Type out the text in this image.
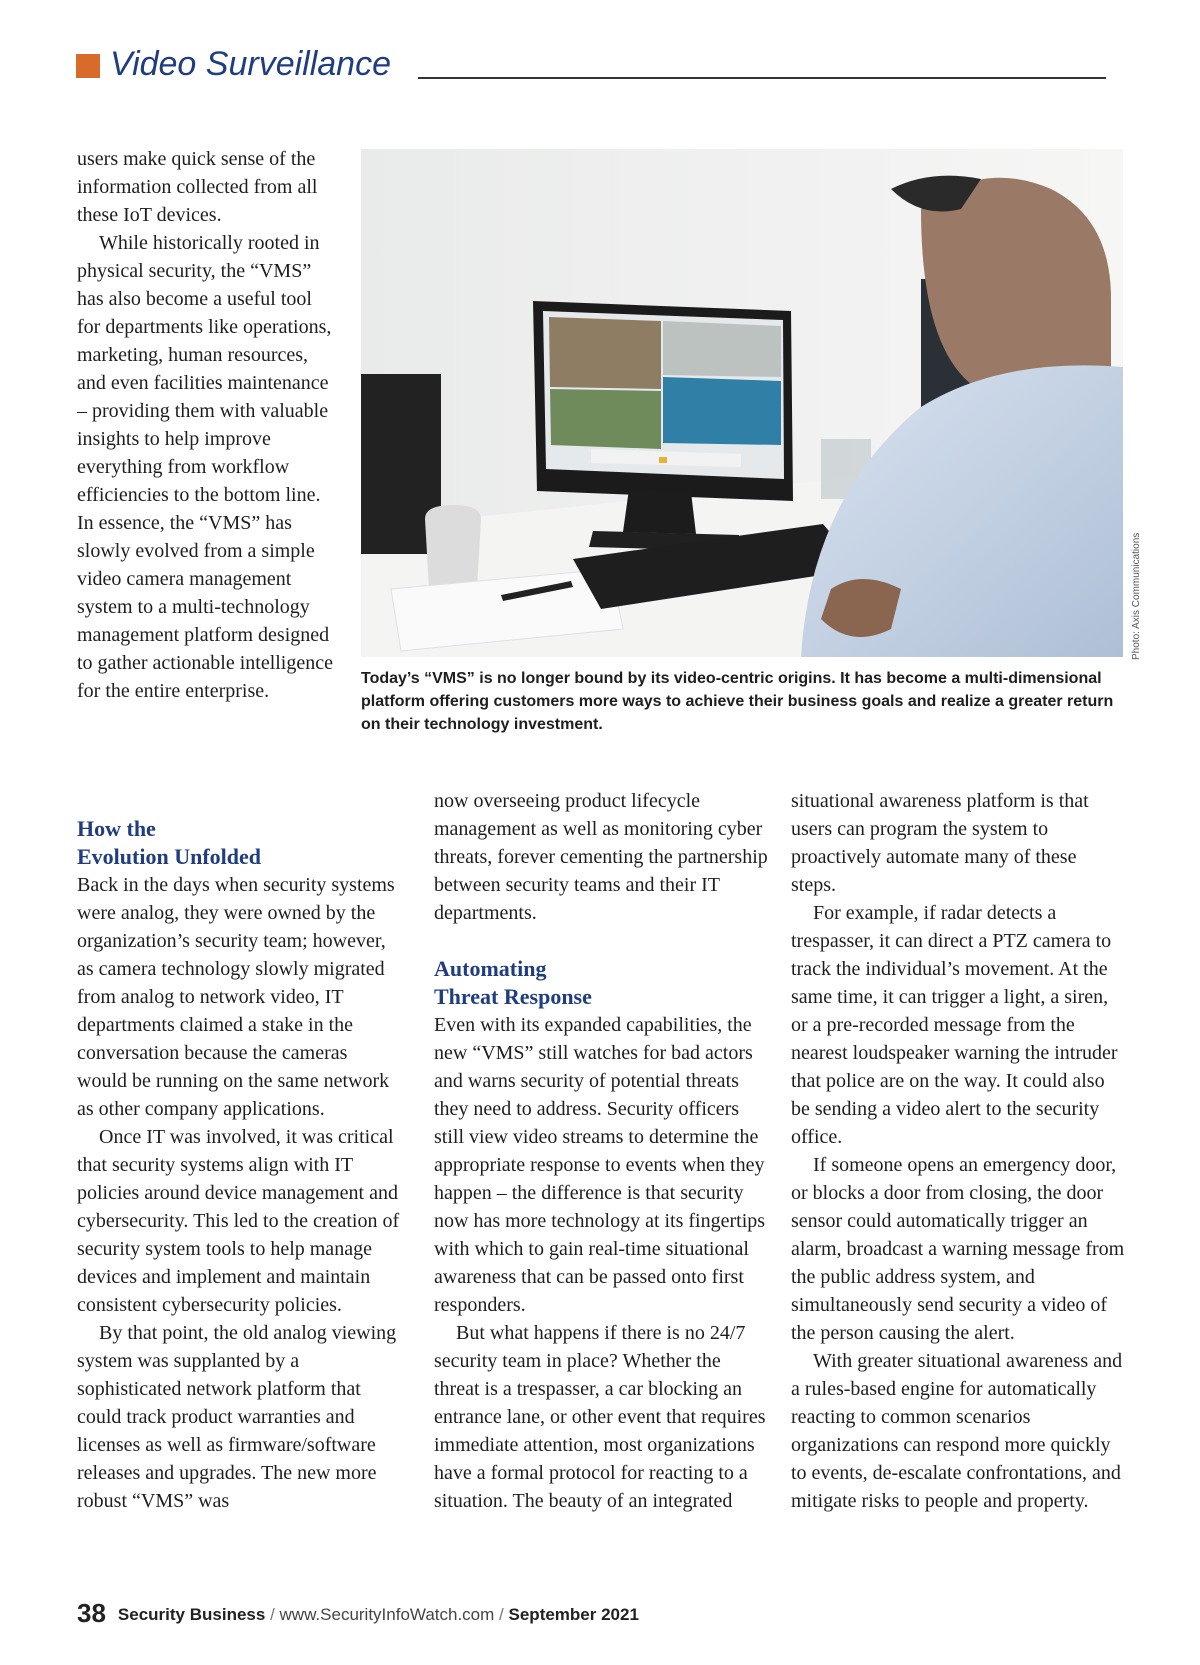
Video Surveillance
Photo: Axis Communications
Today’s “VMS” is no longer bound by its video-centric origins. It has become a multi-dimensional platform offering customers more ways to achieve their business goals and realize a greater return on their technology investment.

users make quick sense of the information collected from all these IoT devices.

While historically rooted in physical security, the “VMS” has also become a useful tool for departments like operations, marketing, human resources, and even facilities maintenance – providing them with valuable insights to help improve everything from workflow efficiencies to the bottom line. In essence, the “VMS” has slowly evolved from a simple video camera management system to a multi-technology management platform designed to gather actionable intelligence for the entire enterprise.

How the
Evolution Unfolded

Back in the days when security systems were analog, they were owned by the organization’s security team; however, as camera technology slowly migrated from analog to network video, IT departments claimed a stake in the conversation because the cameras would be running on the same network as other company applications.

Once IT was involved, it was critical that security systems align with IT policies around device management and cybersecurity. This led to the creation of security system tools to help manage devices and implement and maintain consistent cybersecurity policies.

By that point, the old analog viewing system was supplanted by a sophisticated network platform that could track product warranties and licenses as well as firmware/software releases and upgrades. The new more robust “VMS” was

now overseeing product lifecycle management as well as monitoring cyber threats, forever cementing the partnership between security teams and their IT departments.

Automating
Threat Response

Even with its expanded capabilities, the new “VMS” still watches for bad actors and warns security of potential threats they need to address. Security officers still view video streams to determine the appropriate response to events when they happen – the difference is that security now has more technology at its fingertips with which to gain real-time situational awareness that can be passed onto first responders.

But what happens if there is no 24/7 security team in place? Whether the threat is a trespasser, a car blocking an entrance lane, or other event that requires immediate attention, most organizations have a formal protocol for reacting to a situation. The beauty of an integrated

situational awareness platform is that users can program the system to proactively automate many of these steps.

For example, if radar detects a trespasser, it can direct a PTZ camera to track the individual’s movement. At the same time, it can trigger a light, a siren, or a pre-recorded message from the nearest loudspeaker warning the intruder that police are on the way. It could also be sending a video alert to the security office.

If someone opens an emergency door, or blocks a door from closing, the door sensor could automatically trigger an alarm, broadcast a warning message from the public address system, and simultaneously send security a video of the person causing the alert.

With greater situational awareness and a rules-based engine for automatically reacting to common scenarios organizations can respond more quickly to events, de-escalate confrontations, and mitigate risks to people and property.

38 Security Business / www.SecurityInfoWatch.com / September 2021
